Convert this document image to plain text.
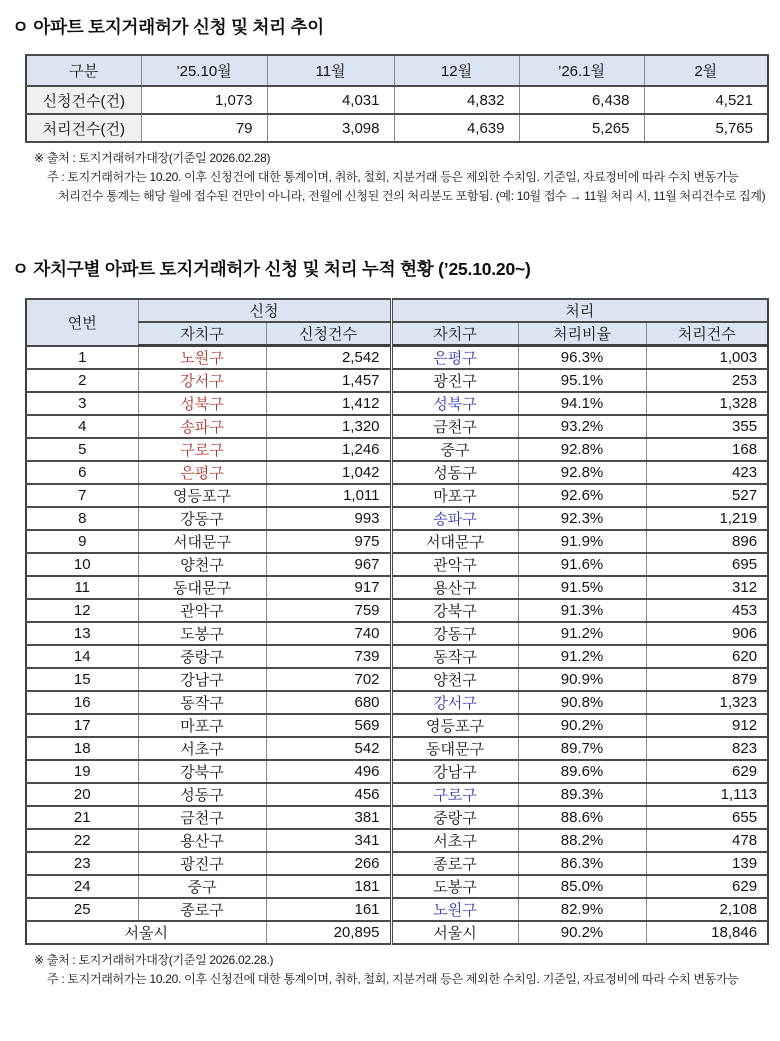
ㅇ 아파트 토지거래허가 신청 및 처리 추이
구분	’25.10월	11월	12월	’26.1월	2월
신청건수(건)	1,073	4,031	4,832	6,438	4,521
처리건수(건)	79	3,098	4,639	5,265	5,765
※ 출처 : 토지거래허가대장(기준일 2026.02.28)
주 : 토지거래허가는 10.20. 이후 신청건에 대한 통계이며, 취하, 철회, 지분거래 등은 제외한 수치임. 기준일, 자료정비에 따라 수치 변동가능
처리건수 통계는 해당 월에 접수된 건만이 아니라, 전월에 신청된 건의 처리분도 포함됨. (예: 10월 접수 → 11월 처리 시, 11월 처리건수로 집계)
ㅇ 자치구별 아파트 토지거래허가 신청 및 처리 누적 현황 (’25.10.20~)
연번	신청		처리		
	자치구	신청건수	자치구	처리비율	처리건수
1	노원구	2,542	은평구	96.3%	1,003
2	강서구	1,457	광진구	95.1%	253
3	성북구	1,412	성북구	94.1%	1,328
4	송파구	1,320	금천구	93.2%	355
5	구로구	1,246	중구	92.8%	168
6	은평구	1,042	성동구	92.8%	423
7	영등포구	1,011	마포구	92.6%	527
8	강동구	993	송파구	92.3%	1,219
9	서대문구	975	서대문구	91.9%	896
10	양천구	967	관악구	91.6%	695
11	동대문구	917	용산구	91.5%	312
12	관악구	759	강북구	91.3%	453
13	도봉구	740	강동구	91.2%	906
14	중랑구	739	동작구	91.2%	620
15	강남구	702	양천구	90.9%	879
16	동작구	680	강서구	90.8%	1,323
17	마포구	569	영등포구	90.2%	912
18	서초구	542	동대문구	89.7%	823
19	강북구	496	강남구	89.6%	629
20	성동구	456	구로구	89.3%	1,113
21	금천구	381	중랑구	88.6%	655
22	용산구	341	서초구	88.2%	478
23	광진구	266	종로구	86.3%	139
24	중구	181	도봉구	85.0%	629
25	종로구	161	노원구	82.9%	2,108
서울시		20,895	서울시	90.2%	18,846
※ 출처 : 토지거래허가대장(기준일 2026.02.28.)
주 : 토지거래허가는 10.20. 이후 신청건에 대한 통계이며, 취하, 철회, 지분거래 등은 제외한 수치임. 기준일, 자료정비에 따라 수치 변동가능
